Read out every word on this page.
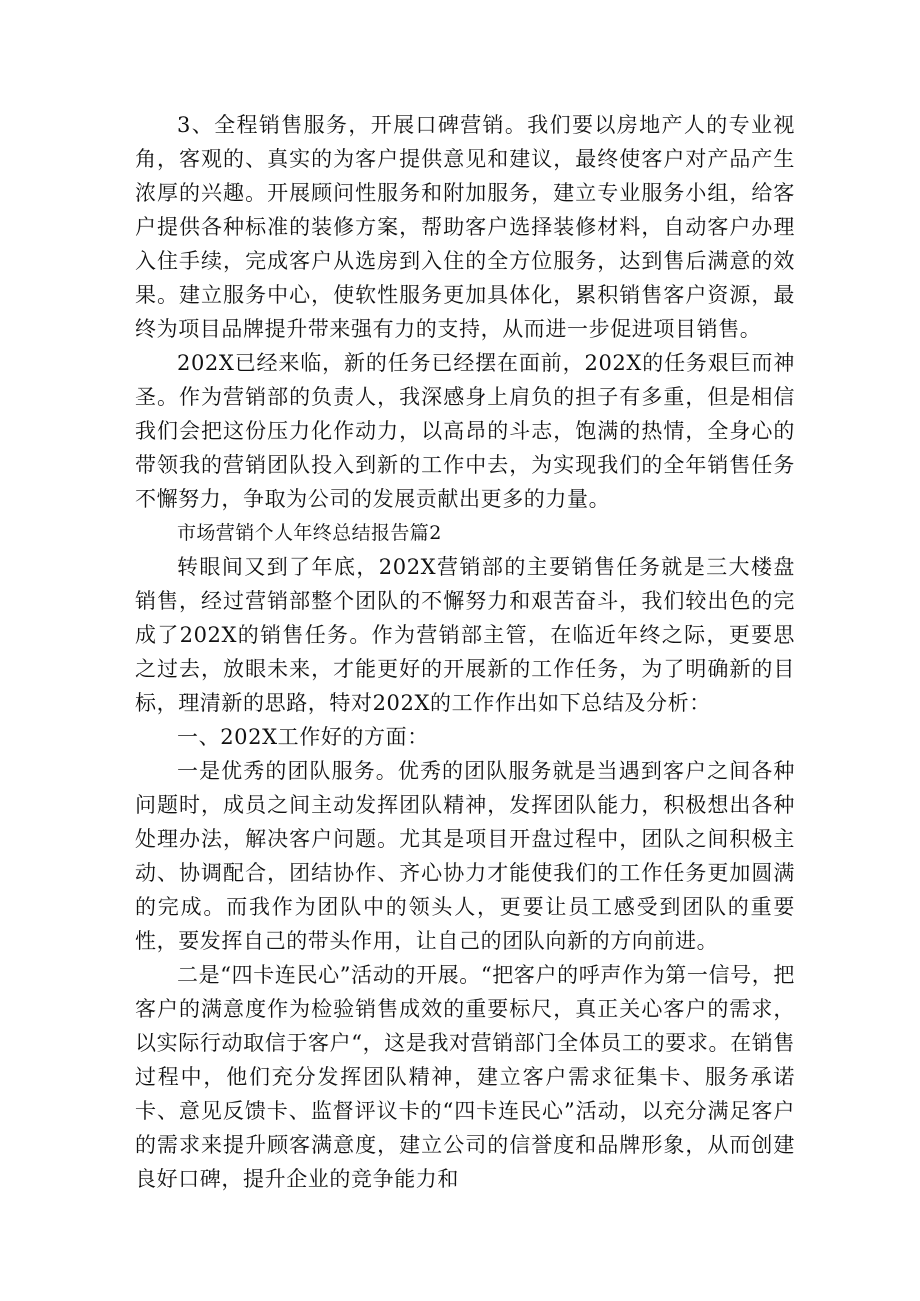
3、全程销售服务，开展口碑营销。我们要以房地产人的专业视角，客观的、真实的为客户提供意见和建议，最终使客户对产品产生浓厚的兴趣。开展顾问性服务和附加服务，建立专业服务小组，给客户提供各种标准的装修方案，帮助客户选择装修材料，自动客户办理入住手续，完成客户从选房到入住的全方位服务，达到售后满意的效果。建立服务中心，使软性服务更加具体化，累积销售客户资源，最终为项目品牌提升带来强有力的支持，从而进一步促进项目销售。

202X已经来临，新的任务已经摆在面前，202X的任务艰巨而神圣。作为营销部的负责人，我深感身上肩负的担子有多重，但是相信我们会把这份压力化作动力，以高昂的斗志，饱满的热情，全身心的带领我的营销团队投入到新的工作中去，为实现我们的全年销售任务不懈努力，争取为公司的发展贡献出更多的力量。

市场营销个人年终总结报告篇2

转眼间又到了年底，202X营销部的主要销售任务就是三大楼盘销售，经过营销部整个团队的不懈努力和艰苦奋斗，我们较出色的完成了202X的销售任务。作为营销部主管，在临近年终之际，更要思之过去，放眼未来，才能更好的开展新的工作任务，为了明确新的目标，理清新的思路，特对202X的工作作出如下总结及分析：

一、202X工作好的方面：

一是优秀的团队服务。优秀的团队服务就是当遇到客户之间各种问题时，成员之间主动发挥团队精神，发挥团队能力，积极想出各种处理办法，解决客户问题。尤其是项目开盘过程中，团队之间积极主动、协调配合，团结协作、齐心协力才能使我们的工作任务更加圆满的完成。而我作为团队中的领头人，更要让员工感受到团队的重要性，要发挥自己的带头作用，让自己的团队向新的方向前进。

二是“四卡连民心”活动的开展。“把客户的呼声作为第一信号，把客户的满意度作为检验销售成效的重要标尺，真正关心客户的需求，以实际行动取信于客户“，这是我对营销部门全体员工的要求。在销售过程中，他们充分发挥团队精神，建立客户需求征集卡、服务承诺卡、意见反馈卡、监督评议卡的“四卡连民心”活动，以充分满足客户的需求来提升顾客满意度，建立公司的信誉度和品牌形象，从而创建良好口碑，提升企业的竞争能力和
